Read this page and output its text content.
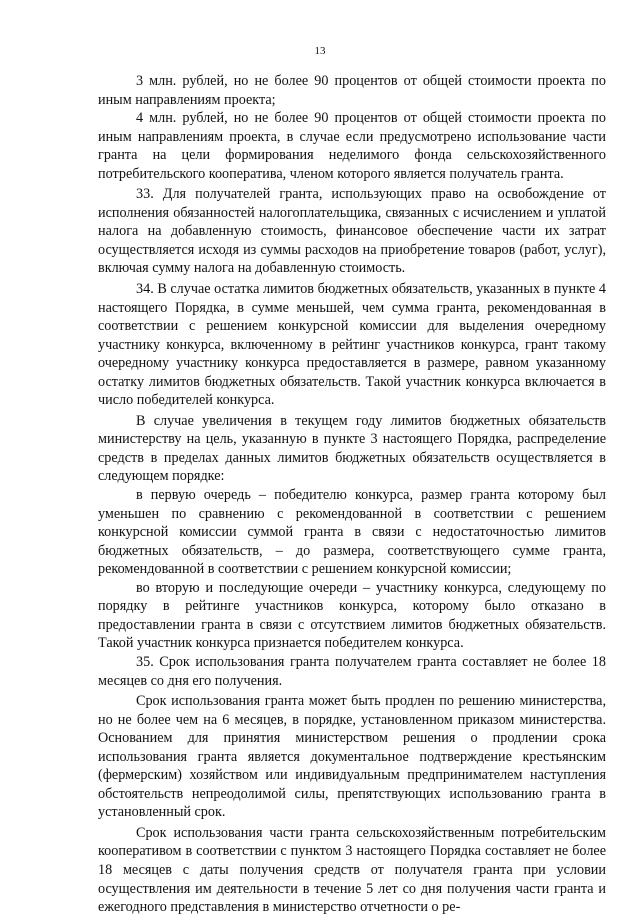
13

3 млн. рублей, но не более 90 процентов от общей стоимости проекта по иным направлениям проекта;

4 млн. рублей, но не более 90 процентов от общей стоимости проекта по иным направлениям проекта, в случае если предусмотрено использование части гранта на цели формирования неделимого фонда сельскохозяйственного потребительского кооператива, членом которого является получатель гранта.

33. Для получателей гранта, использующих право на освобождение от исполнения обязанностей налогоплательщика, связанных с исчислением и уплатой налога на добавленную стоимость, финансовое обеспечение части их затрат осуществляется исходя из суммы расходов на приобретение товаров (работ, услуг), включая сумму налога на добавленную стоимость.

34. В случае остатка лимитов бюджетных обязательств, указанных в пункте 4 настоящего Порядка, в сумме меньшей, чем сумма гранта, рекомендованная в соответствии с решением конкурсной комиссии для выделения очередному участнику конкурса, включенному в рейтинг участников конкурса, грант такому очередному участнику конкурса предоставляется в размере, равном указанному остатку лимитов бюджетных обязательств. Такой участник конкурса включается в число победителей конкурса.

В случае увеличения в текущем году лимитов бюджетных обязательств министерству на цель, указанную в пункте 3 настоящего Порядка, распределение средств в пределах данных лимитов бюджетных обязательств осуществляется в следующем порядке:

в первую очередь – победителю конкурса, размер гранта которому был уменьшен по сравнению с рекомендованной в соответствии с решением конкурсной комиссии суммой гранта в связи с недостаточностью лимитов бюджетных обязательств, – до размера, соответствующего сумме гранта, рекомендованной в соответствии с решением конкурсной комиссии;

во вторую и последующие очереди – участнику конкурса, следующему по порядку в рейтинге участников конкурса, которому было отказано в предоставлении гранта в связи с отсутствием лимитов бюджетных обязательств. Такой участник конкурса признается победителем конкурса.

35. Срок использования гранта получателем гранта составляет не более 18 месяцев со дня его получения.

Срок использования гранта может быть продлен по решению министерства, но не более чем на 6 месяцев, в порядке, установленном приказом министерства. Основанием для принятия министерством решения о продлении срока использования гранта является документальное подтверждение крестьянским (фермерским) хозяйством или индивидуальным предпринимателем наступления обстоятельств непреодолимой силы, препятствующих использованию гранта в установленный срок.

Срок использования части гранта сельскохозяйственным потребительским кооперативом в соответствии с пунктом 3 настоящего Порядка составляет не более 18 месяцев с даты получения средств от получателя гранта при условии осуществления им деятельности в течение 5 лет со дня получения части гранта и ежегодного представления в министерство отчетности о ре-
